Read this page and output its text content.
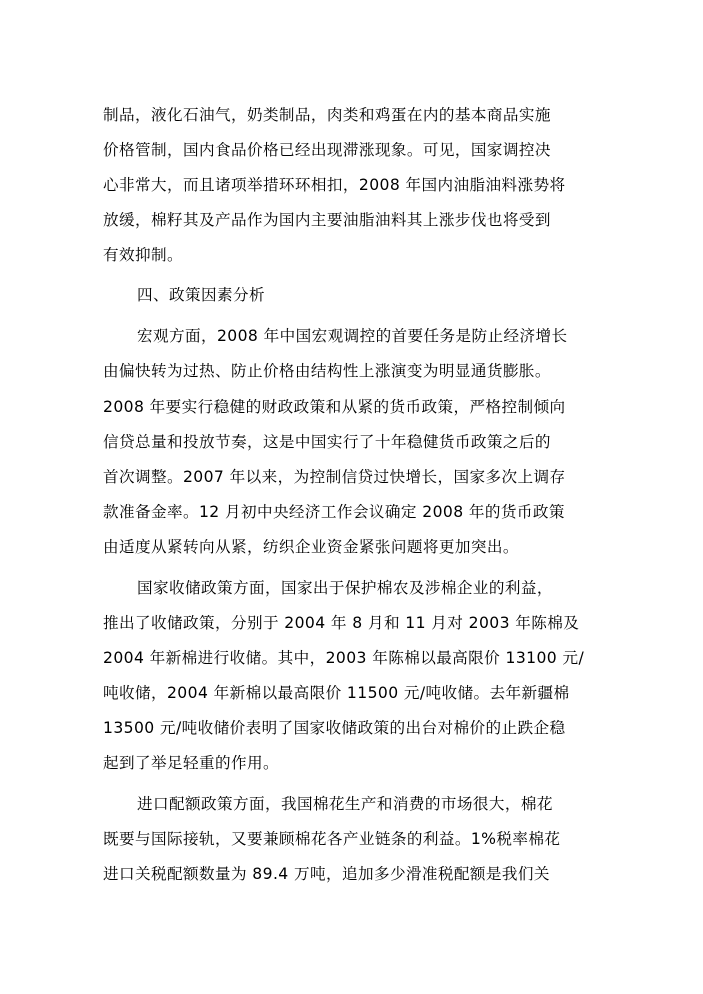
制品，液化石油气，奶类制品，肉类和鸡蛋在内的基本商品实施
价格管制，国内食品价格已经出现滞涨现象。可见，国家调控决
心非常大，而且诸项举措环环相扣，2008 年国内油脂油料涨势将
放缓，棉籽其及产品作为国内主要油脂油料其上涨步伐也将受到
有效抑制。
四、政策因素分析
宏观方面，2008 年中国宏观调控的首要任务是防止经济增长
由偏快转为过热、防止价格由结构性上涨演变为明显通货膨胀。
2008 年要实行稳健的财政政策和从紧的货币政策，严格控制倾向
信贷总量和投放节奏，这是中国实行了十年稳健货币政策之后的
首次调整。2007 年以来，为控制信贷过快增长，国家多次上调存
款准备金率。12 月初中央经济工作会议确定 2008 年的货币政策
由适度从紧转向从紧，纺织企业资金紧张问题将更加突出。
国家收储政策方面，国家出于保护棉农及涉棉企业的利益，
推出了收储政策，分别于 2004 年 8 月和 11 月对 2003 年陈棉及
2004 年新棉进行收储。其中，2003 年陈棉以最高限价 13100 元/
吨收储，2004 年新棉以最高限价 11500 元/吨收储。去年新疆棉
13500 元/吨收储价表明了国家收储政策的出台对棉价的止跌企稳
起到了举足轻重的作用。
进口配额政策方面，我国棉花生产和消费的市场很大，棉花
既要与国际接轨，又要兼顾棉花各产业链条的利益。1%税率棉花
进口关税配额数量为 89.4 万吨，追加多少滑准税配额是我们关
